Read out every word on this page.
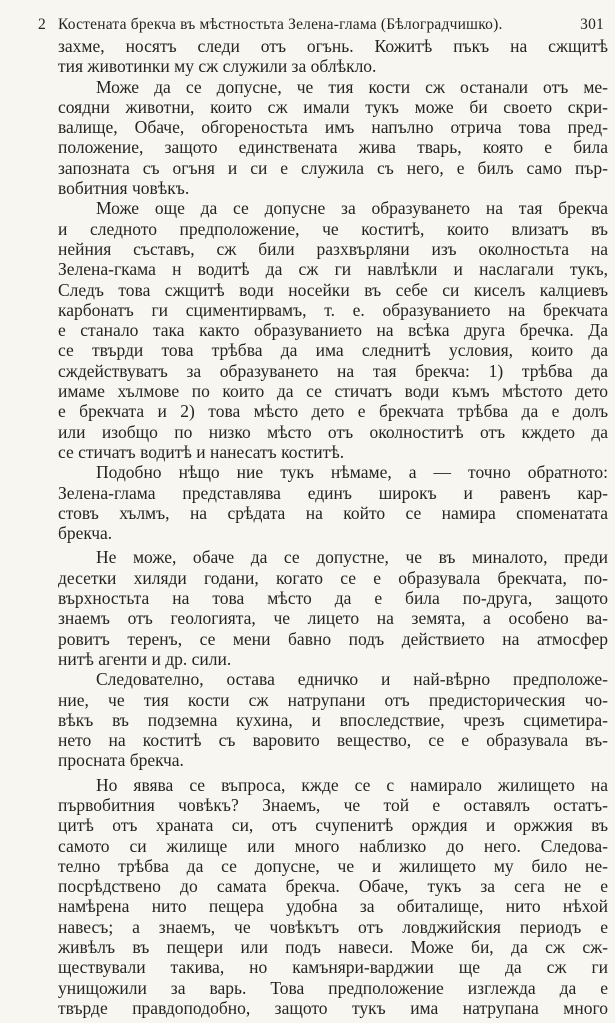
2 Костената брекча въ мѣстностьта Зелена-глама (Бѣлоградчишко).	301
захме, носятъ следи отъ огънь. Кожитѣ пъкъ на сжщитѣ
тия животинки му сж служили за облѣкло.
Може да се допусне, че тия кости сж останали отъ ме-
соядни животни, които сж имали тукъ може би своето скри-
валище, Обаче, обгореностьта имъ напълно отрича това пред-
положение, защото единствената жива тварь, която е била
запозната съ огъня и си е служила съ него, е билъ само пър-
вобитния човѣкъ.
Може още да се допусне за образуването на тая брекча
и следното предположение, че коститѣ, които влизатъ въ
нейния съставъ, сж били разхвърляни изъ околностьта на
Зелена-гкама н водитѣ да сж ги навлѣкли и наслагали тукъ,
Следъ това сжщитѣ води носейки въ себе си киселъ калциевъ
карбонатъ ги сциментирвамъ, т. е. образуванието на брекчата
е станало така както образуванието на всѣка друга бречка. Да
се твърди това трѣбва да има следнитѣ условия, които да
сждействуватъ за образуването на тая брекча: 1) трѣбва да
имаме хълмове по които да се стичатъ води къмъ мѣстото дето
е брекчата и 2) това мѣсто дето е брекчата трѣбва да е долъ
или изобщо по низко мѣсто отъ околноститѣ отъ кждето да
се стичатъ водитѣ и нанесатъ коститѣ.
Подобно нѣщо ние тукъ нѣмаме, а — точно обратното:
Зелена-глама представлява единъ широкъ и равенъ кар-
стовъ хълмъ, на срѣдата на който се намира споменатата
брекча.
Не може, обаче да се допустне, че въ миналото, преди
десетки хиляди годани, когато се е образувала брекчата, по-
върхностьта на това мѣсто да е била по-друга, защото
знаемъ отъ геологията, че лицето на земята, а особено ва-
ровитъ теренъ, се мени бавно подъ действието на атмосфер
нитѣ агенти и др. сили.
Следователно, остава едничко и най-вѣрно предположе-
ние, че тия кости сж натрупани отъ предисторическия чо-
вѣкъ въ подземна кухина, и впоследствие, чрезъ сциметира-
нето на коститѣ съ варовито вещество, се е образувала въ-
просната брекча.
Но явява се въпроса, кжде се с намирало жилището на
първобитния човѣкъ? Знаемъ, че той е оставялъ остатъ-
цитѣ отъ храната си, отъ счупенитѣ орждия и оржжия въ
самото си жилище или много наблизко до него. Следова-
телно трѣбва да се допусне, че и жилището му било не-
посрѣдствено до самата брекча. Обаче, тукъ за сега не е
намѣрена нито пещера удобна за обиталище, нито нѣхой
навесъ; а знаемъ, че човѣкътъ отъ ловджийския периодъ е
живѣлъ въ пещери или подъ навеси. Може би, да сж сж-
ществували такива, но камъняри-варджии ще да сж ги
унищожили за варь. Това предположение изглежда да е
твърде правдоподобно, защото тукъ има натрупана много
